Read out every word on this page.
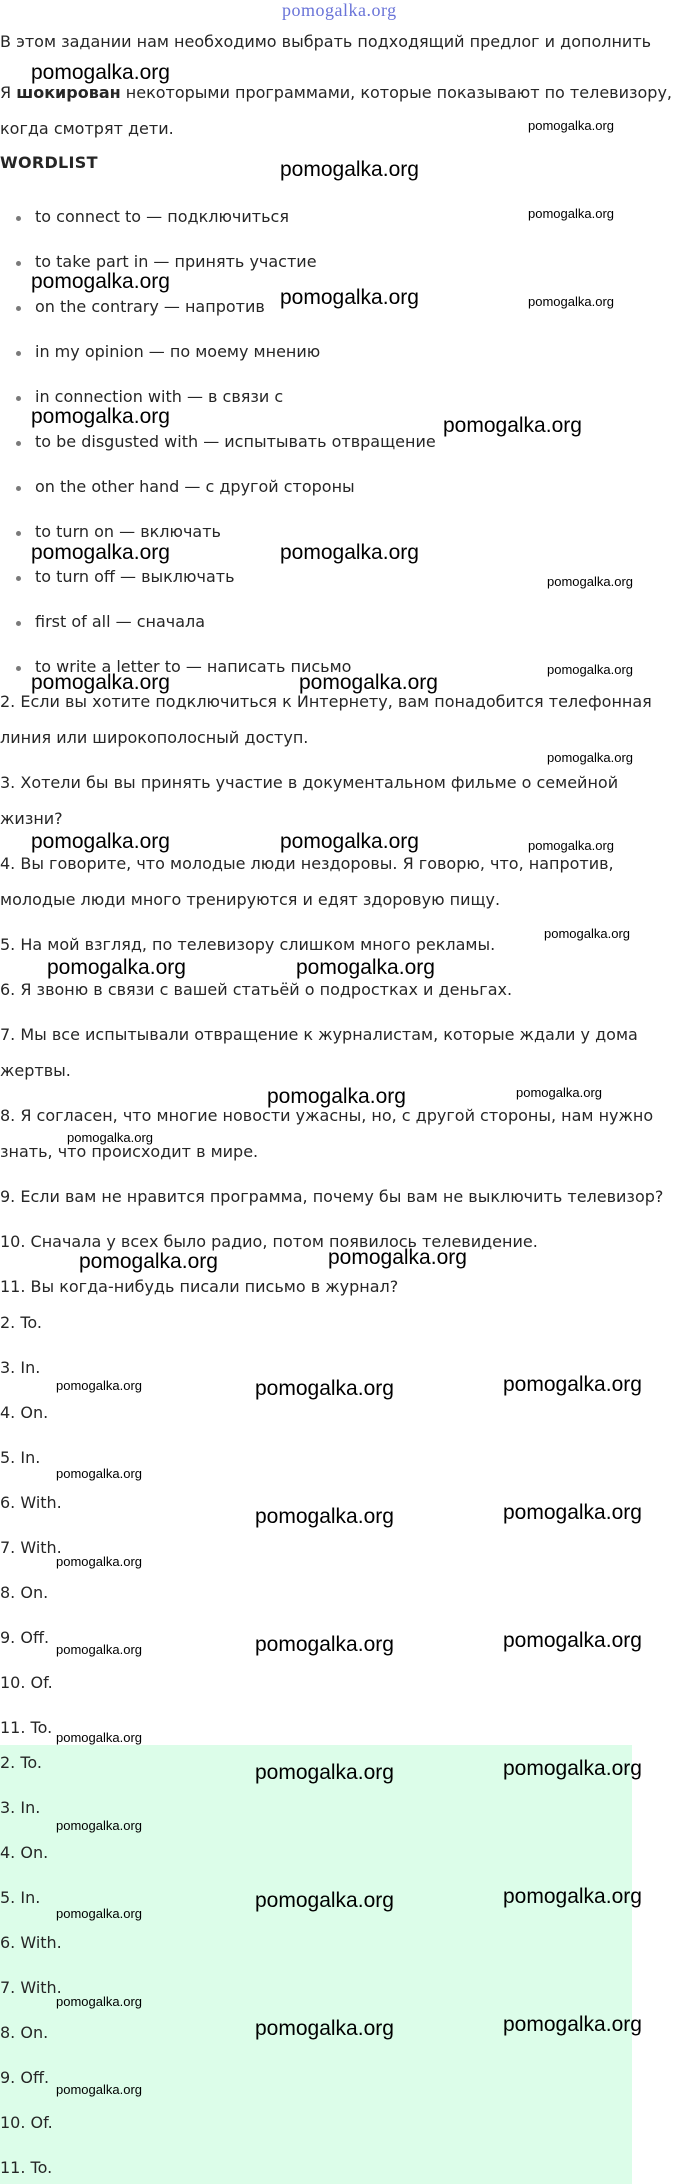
pomogalka.org
В этом задании нам необходимо выбрать подходящий предлог и дополнить
Я шокирован некоторыми программами, которые показывают по телевизору,
когда смотрят дети.
WORDLIST
to connect to — подключиться
to take part in — принять участие
on the contrary — напротив
in my opinion — по моему мнению
in connection with — в связи с
to be disgusted with — испытывать отвращение
on the other hand — с другой стороны
to turn on — включать
to turn off — выключать
first of all — сначала
to write a letter to — написать письмо
2. Если вы хотите подключиться к Интернету, вам понадобится телефонная
линия или широкополосный доступ.
3. Хотели бы вы принять участие в документальном фильме о семейной
жизни?
4. Вы говорите, что молодые люди нездоровы. Я говорю, что, напротив,
молодые люди много тренируются и едят здоровую пищу.
5. На мой взгляд, по телевизору слишком много рекламы.
6. Я звоню в связи с вашей статьёй о подростках и деньгах.
7. Мы все испытывали отвращение к журналистам, которые ждали у дома
жертвы.
8. Я согласен, что многие новости ужасны, но, с другой стороны, нам нужно
знать, что происходит в мире.
9. Если вам не нравится программа, почему бы вам не выключить телевизор?
10. Сначала у всех было радио, потом появилось телевидение.
11. Вы когда-нибудь писали письмо в журнал?
2. To.
3. In.
4. On.
5. In.
6. With.
7. With.
8. On.
9. Off.
10. Of.
11. To.
2. To.
3. In.
4. On.
5. In.
6. With.
7. With.
8. On.
9. Off.
10. Of.
11. To.
pomogalka.org
pomogalka.org
pomogalka.org
pomogalka.org
pomogalka.org
pomogalka.org	pomogalka.org
pomogalka.org	pomogalka.org
pomogalka.org	pomogalka.org
pomogalka.org
pomogalka.org
pomogalka.org	pomogalka.org
pomogalka.org
pomogalka.org	pomogalka.org	pomogalka.org
pomogalka.org
pomogalka.org	pomogalka.org
pomogalka.org	pomogalka.org
pomogalka.org
pomogalka.org	pomogalka.org
pomogalka.org	pomogalka.org	pomogalka.org
pomogalka.org
pomogalka.org	pomogalka.org
pomogalka.org
pomogalka.org	pomogalka.org	pomogalka.org
pomogalka.org
pomogalka.org	pomogalka.org
pomogalka.org
pomogalka.org	pomogalka.org
pomogalka.org
pomogalka.org
pomogalka.org	pomogalka.org
pomogalka.org
